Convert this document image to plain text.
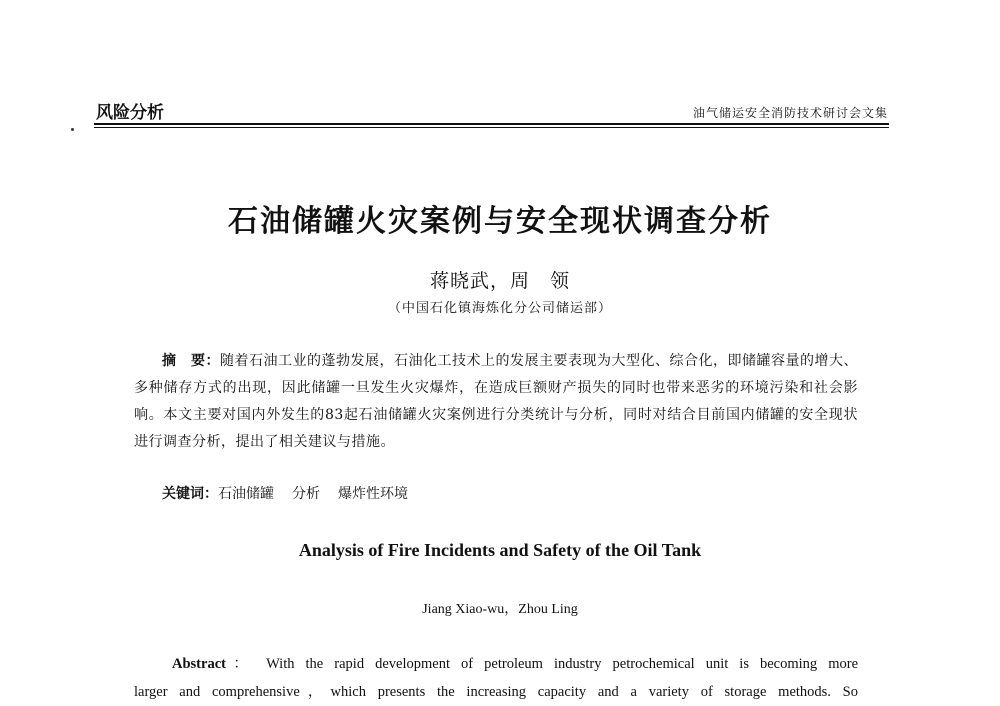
风险分析	油气储运安全消防技术研讨会文集
石油储罐火灾案例与安全现状调查分析
蒋晓武，周　领
（中国石化镇海炼化分公司储运部）
摘　要：随着石油工业的蓬勃发展，石油化工技术上的发展主要表现为大型化、综合化，即储罐容量的增大、多种储存方式的出现，因此储罐一旦发生火灾爆炸，在造成巨额财产损失的同时也带来恶劣的环境污染和社会影响。本文主要对国内外发生的83起石油储罐火灾案例进行分类统计与分析，同时对结合目前国内储罐的安全现状进行调查分析，提出了相关建议与措施。
关键词：石油储罐 分析 爆炸性环境
Analysis of Fire Incidents and Safety of the Oil Tank
Jiang Xiao-wu，Zhou Ling
Abstract： With the rapid development of petroleum industry petrochemical unit is becoming more
larger and comprehensive，which presents the increasing capacity and a variety of storage methods. So
